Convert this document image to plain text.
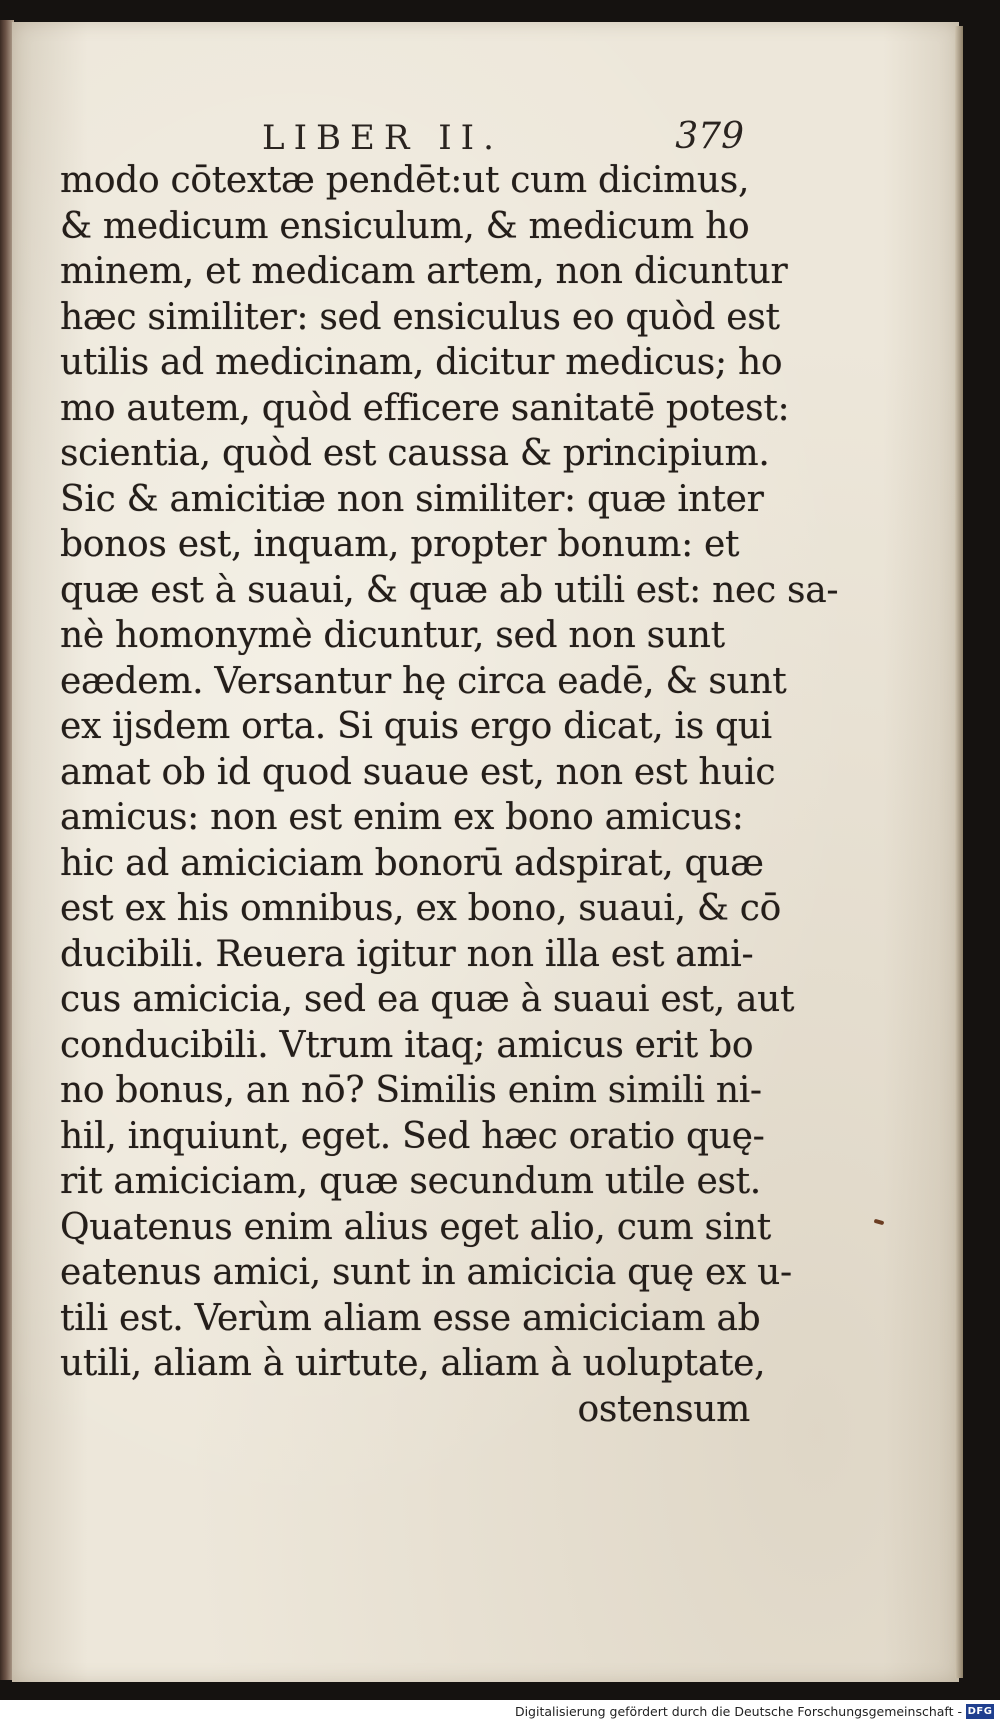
LIBER II.	379
modo cōtextæ pendēt:ut cum dicimus,
& medicum ensiculum, & medicum ho
minem, et medicam artem, non dicuntur
hæc similiter: sed ensiculus eo quòd est
utilis ad medicinam, dicitur medicus; ho
mo autem, quòd efficere sanitatē potest:
scientia, quòd est caussa & principium.
Sic & amicitiæ non similiter: quæ inter
bonos est, inquam, propter bonum: et
quæ est à suaui, & quæ ab utili est: nec sa-
nè homonymè dicuntur, sed non sunt
eædem. Versantur hę circa eadē, & sunt
ex ijsdem orta. Si quis ergo dicat, is qui
amat ob id quod suaue est, non est huic
amicus: non est enim ex bono amicus:
hic ad amiciciam bonorū adspirat, quæ
est ex his omnibus, ex bono, suaui, & cō
ducibili. Reuera igitur non illa est ami-
cus amicicia, sed ea quæ à suaui est, aut
conducibili. Vtrum itaq; amicus erit bo
no bonus, an nō? Similis enim simili ni-
hil, inquiunt, eget. Sed hæc oratio quę-
rit amiciciam, quæ secundum utile est.
Quatenus enim alius eget alio, cum sint
eatenus amici, sunt in amicicia quę ex u-
tili est. Verùm aliam esse amiciciam ab
utili, aliam à uirtute, aliam à uoluptate,
ostensum
Digitalisierung gefördert durch die Deutsche Forschungsgemeinschaft - DFG
